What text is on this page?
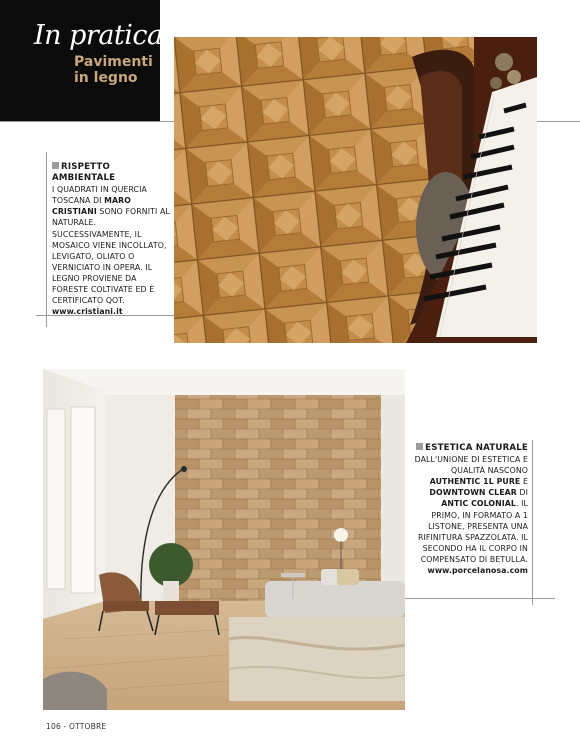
In pratica
Pavimenti
in legno
RISPETTO AMBIENTALE
I QUADRATI IN QUERCIA TOSCANA DI MARO CRISTIANI SONO FORNITI AL NATURALE. SUCCESSIVAMENTE, IL MOSAICO VIENE INCOLLATO, LEVIGATO, OLIATO O VERNICIATO IN OPERA. IL LEGNO PROVIENE DA FORESTE COLTIVATE ED È CERTIFICATO QOT.
www.cristiani.it
ESTETICA NATURALE
DALL'UNIONE DI ESTETICA E QUALITÀ NASCONO AUTHENTIC 1L PURE E DOWNTOWN CLEAR DI ANTIC COLONIAL. IL PRIMO, IN FORMATO A 1 LISTONE, PRESENTA UNA RIFINITURA SPAZZOLATA. IL SECONDO HA IL CORPO IN COMPENSATO DI BETULLA.
www.porcelanosa.com
106 - OTTOBRE
